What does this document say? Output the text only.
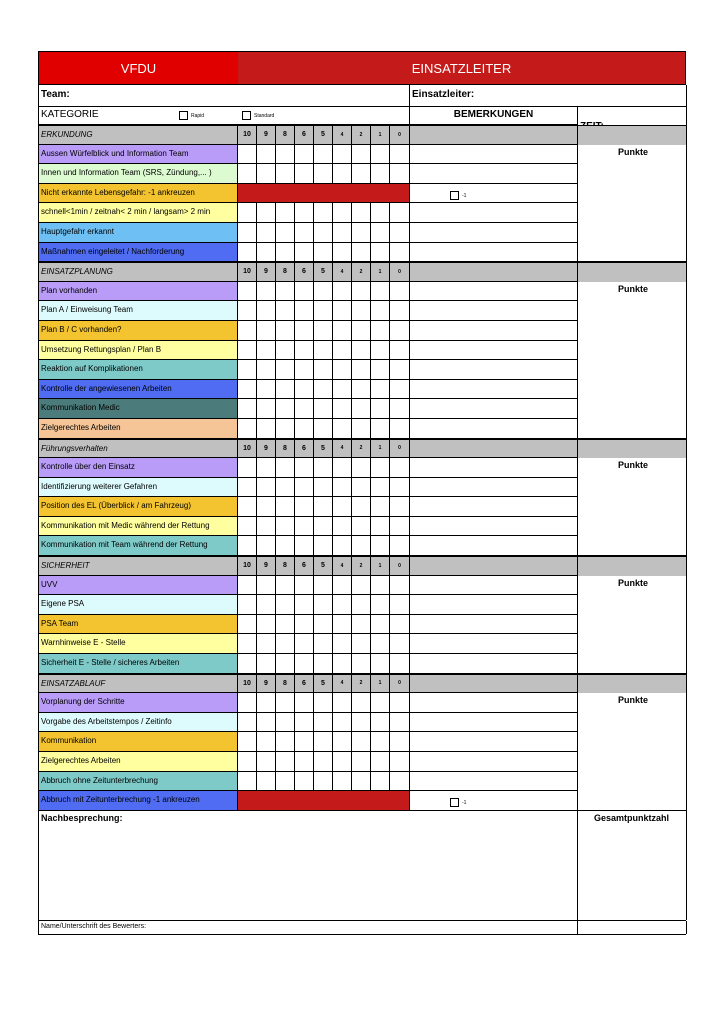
VFDU	EINSATZLEITER
Team:	Einsatzleiter:
KATEGORIE	Rapid	Standard	BEMERKUNGEN
ERKUNDUNG	10	9	8	6	5	4	2	1	0
Aussen Würfelblick und Information Team
Innen und Information Team (SRS, Zündung,... )
Nicht erkannte Lebensgefahr: -1 ankreuzen	-1
schnell<1min / zeitnah< 2 min / langsam> 2 min
Hauptgefahr erkannt
Maßnahmen eingeleitet / Nachforderung
Punkte
EINSATZPLANUNG	10	9	8	6	5	4	2	1	0
Plan vorhanden
Plan A / Einweisung Team
Plan B / C vorhanden?
Umsetzung Rettungsplan / Plan B
Reaktion auf Komplikationen
Kontrolle der angewiesenen Arbeiten
Kommunikation Medic
Zielgerechtes Arbeiten
Punkte
Führungsverhalten	10	9	8	6	5	4	2	1	0
Kontrolle über den Einsatz
Identifizierung weiterer Gefahren
Position des EL (Überblick / am Fahrzeug)
Kommunikation mit Medic während der Rettung
Kommunikation mit Team während der Rettung
Punkte
SICHERHEIT	10	9	8	6	5	4	2	1	0
UVV
Eigene PSA
PSA Team
Warnhinweise E - Stelle
Sicherheit E - Stelle / sicheres Arbeiten
Punkte
EINSATZABLAUF	10	9	8	6	5	4	2	1	0
Vorplanung der Schritte
Vorgabe des Arbeitstempos / Zeitinfo
Kommunikation
Zielgerechtes Arbeiten
Abbruch ohne Zeitunterbrechung
Abbruch mit Zeitunterbrechung -1 ankreuzen	-1
Punkte
Nachbesprechung:	Gesamtpunktzahl
Name/Unterschrift des Bewerters:
